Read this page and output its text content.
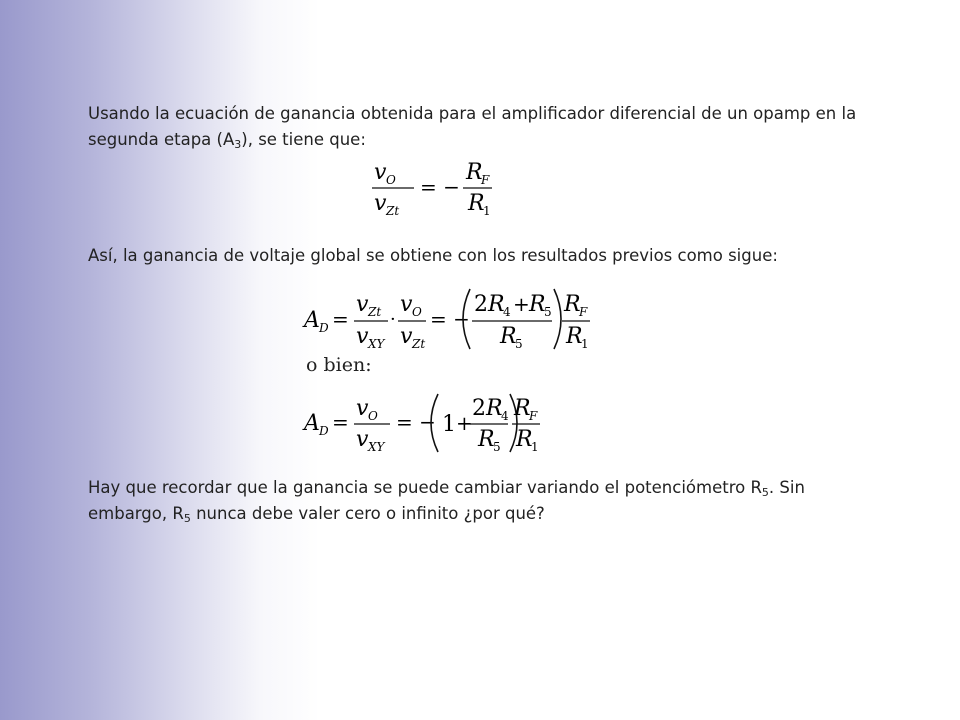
Usando la ecuación de ganancia obtenida para el amplificador diferencial de un opamp en la segunda etapa $(A_3)$, se tiene que:

v O
v Zt
= −
R
F
R
1

Así, la ganancia de voltaje global se obtiene con los resultados previos como sigue:

A D =
v Zt
v XY
·
v O
v Zt
= −
2 R
4 + R
5
R
5
R
F
R
1

o bien:

A D =
v O
v XY
= − 1 +
2 R
4
R
5
R
F
R
1

Hay que recordar que la ganancia se puede cambiar variando el potenciómetro $R_5$. Sin embargo, $R_5$ nunca debe valer cero o infinito ¿por qué?
